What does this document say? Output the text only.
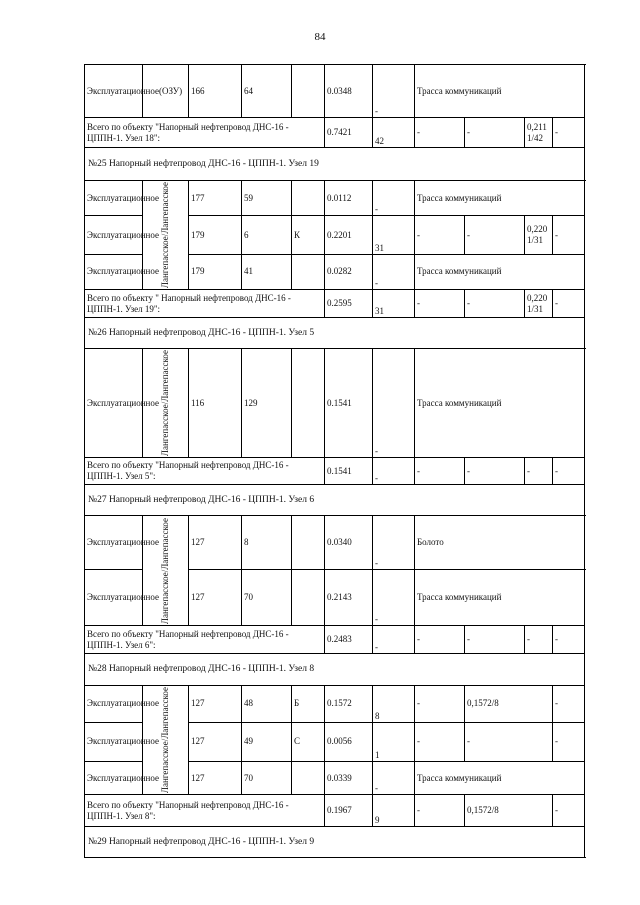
84
Эксплуатационное(ОЗУ)		166	64		0.0348	-	Трасса коммуникаций				
Всего по объекту "Напорный нефтепровод ДНС-16 - ЦППН-1. Узел 18":					0.7421	42	-	-	0,211 1/42	-	
№25 Напорный нефтепровод ДНС-16 - ЦППН-1. Узел 19											
Эксплуатационное	Лангепасское/Лангепасское	177	59		0.0112	-	Трасса коммуникаций				
Эксплуатационное		179	6	К	0.2201	31	-	-	0,220 1/31	-	
Эксплуатационное		179	41		0.0282	-	Трасса коммуникаций				
Всего по объекту " Напорный нефтепровод ДНС-16 - ЦППН-1. Узел 19":					0.2595	31	-	-	0,220 1/31	-	
№26 Напорный нефтепровод ДНС-16 - ЦППН-1. Узел 5											
Эксплуатационное	Лангепасское/Лангепасское	116	129		0.1541	-	Трасса коммуникаций				
Всего по объекту "Напорный нефтепровод ДНС-16 - ЦППН-1. Узел 5":					0.1541	-	-	-	-	-	
№27 Напорный нефтепровод ДНС-16 - ЦППН-1. Узел 6											
Эксплуатационное	Лангепасское/Лангепасское	127	8		0.0340	-	Болото				
Эксплуатационное		127	70		0.2143	-	Трасса коммуникаций				
Всего по объекту "Напорный нефтепровод ДНС-16 - ЦППН-1. Узел 6":					0.2483	-	-	-	-	-	
№28 Напорный нефтепровод ДНС-16 - ЦППН-1. Узел 8											
Эксплуатационное	Лангепасское/Лангепасское	127	48	Б	0.1572	8	-	0,1572/8		-	
Эксплуатационное		127	49	С	0.0056	1	-	-		-	
Эксплуатационное		127	70		0.0339	-	Трасса коммуникаций				
Всего по объекту "Напорный нефтепровод ДНС-16 - ЦППН-1. Узел 8":					0.1967	9	-	0,1572/8		-	
№29 Напорный нефтепровод ДНС-16 - ЦППН-1. Узел 9											
